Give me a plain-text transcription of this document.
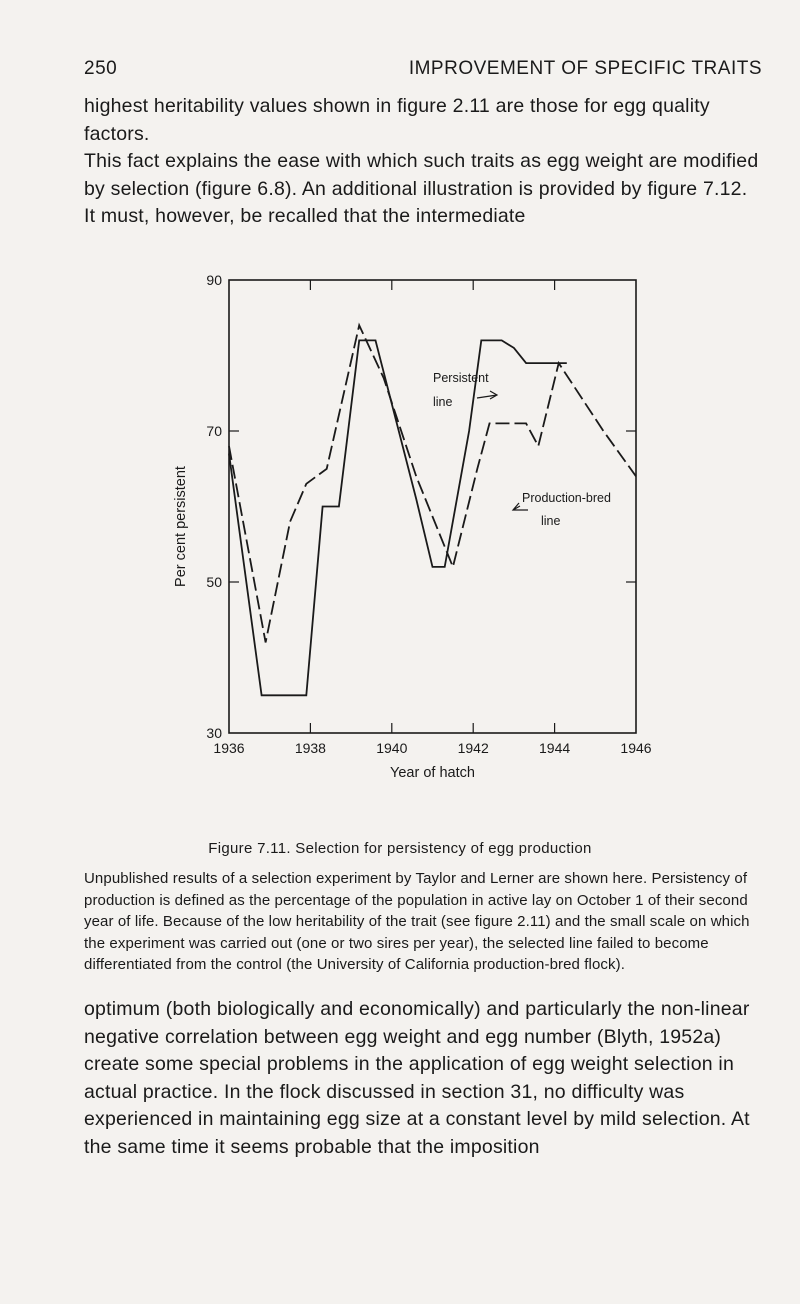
250	IMPROVEMENT OF SPECIFIC TRAITS

highest heritability values shown in figure 2.11 are those for egg quality factors.

This fact explains the ease with which such traits as egg weight are modified by selection (figure 6.8). An additional illustration is provided by figure 7.12. It must, however, be recalled that the intermediate

1936	1938	1940	1942	1944	1946
30
50
70
90
Year of hatch
Per cent persistent
Persistent
line
Production-bred
line
Figure 7.11. Selection for persistency of egg production

Unpublished results of a selection experiment by Taylor and Lerner are shown here. Persistency of production is defined as the percentage of the population in active lay on October 1 of their second year of life. Because of the low heritability of the trait (see figure 2.11) and the small scale on which the experiment was carried out (one or two sires per year), the selected line failed to become differentiated from the control (the University of California production-bred flock).

optimum (both biologically and economically) and particularly the non-linear negative correlation between egg weight and egg number (Blyth, 1952a) create some special problems in the application of egg weight selection in actual practice. In the flock discussed in section 31, no difficulty was experienced in maintaining egg size at a constant level by mild selection. At the same time it seems probable that the imposition
